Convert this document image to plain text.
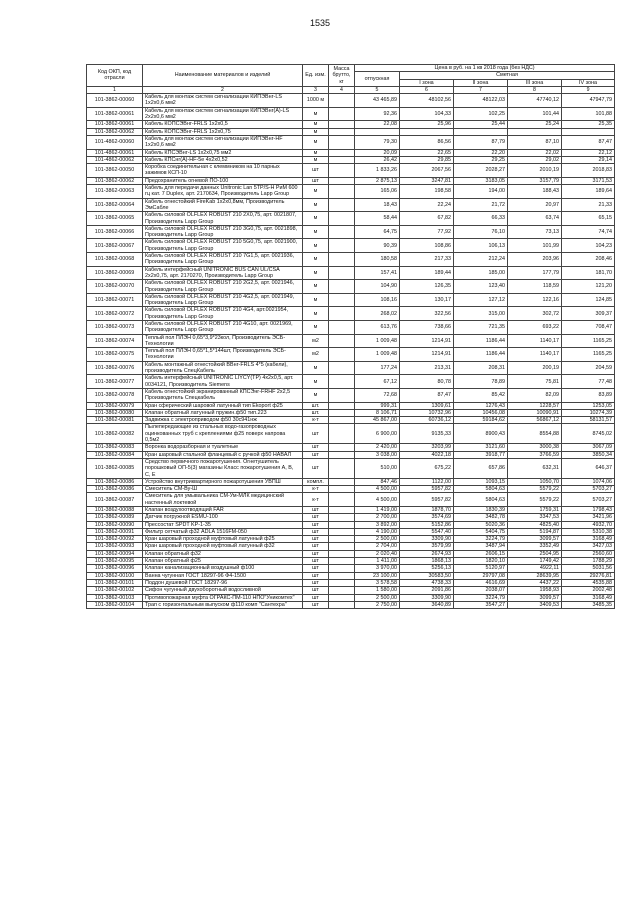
1535
Код ОКП, код отрасли	Наименование материалов и изделий	Ед. изм.	Масса брутто, кг	Цена в руб. на 1 кв 2018 года (без НДС)				
				отпускная	Сметная			
					I зона	II зона	III зона	IV зона
1	2	3	4	5	6	7	8	9
101-3862-00060	Кабель для монтаж систем сигнализации КИПЭВнг-LS 1х2х0,6 мм2	1000 м		43 465,89	48102,56	48122,03	47740,12	47947,79
101-3862-00061	Кабель для монтаж систем сигнализации КИПЭВнг(А)-LS 2х2х0,6 мм2	м		92,36	104,33	102,25	101,44	101,88
101-3862-00061	Кабель КОПСЭВнг-FRLS 1х2х0,5	м		22,08	25,96	25,44	25,24	25,35
101-3862-00062	Кабель КОПСЭВнг-FRLS 1х2х0,75	м						
101-4862-00060	Кабель для монтаж систем сигнализации КИПЭВнг-НF 1х2х0,6 мм2	м		79,30	86,56	87,79	87,10	87,47
101-4862-00061	Кабель КПСЭВнг-LS 1х2х0,75 мм2	м		20,09	22,65	22,20	22,02	22,12
101-4862-00062	Кабель КПСнг(А)-НF-5е 4х2х0,52	м		26,42	29,85	29,25	29,02	29,14
101-3862-00050	Коробка соединительная с клеммником на 10 парных зажимов КСП-10	шт		1 833,26	2067,56	2028,27	2010,19	2018,83
101-3862-00062	Предохранитель огневой ПО-100	шт		2 875,13	3247,81	3183,05	3157,79	3171,53
101-3862-00063	Кабель для передачи данных Unitronic Lan 5TP/S-H РиМ 600 гц кат. 7 Duplex, арт. 2170634, Производитель Lapp Group	м		165,06	198,58	194,00	188,43	189,64
101-3862-00064	Кабель огнестойкий FireKab 1х2х0,8мм, Производитель ЭмСаблe	м		18,43	22,24	21,72	20,97	21,33
101-3862-00065	Кабель силовой OLFLEX ROBUST 210 2Х0,75, арт. 0021807, Производитель Lapp Group	м		58,44	67,82	66,33	63,74	65,15
101-3862-00066	Кабель силовой OLFLEX ROBUST 210 3G0,75, арт. 0021898, Производитель Lapp Group	м		64,75	77,92	76,10	73,13	74,74
101-3862-00067	Кабель силовой OLFLEX ROBUST 210 5G0,75, арт. 0021900, Производитель Lapp Group	м		90,39	108,86	106,13	101,99	104,23
101-3862-00068	Кабель силовой OLFLEX ROBUST 210 7G1,5, арт. 0021936, Производитель Lapp Group	м		180,58	217,33	212,24	203,96	208,46
101-3862-00069	Кабель интерфейсный UNITRONIC BUS CAN UL/CSA 2х2х0,75, арт. 2170270, Производитель Lapp Group	м		157,41	189,44	185,00	177,79	181,70
101-3862-00070	Кабель силовой OLFLEX ROBUST 210 2G2,5, арт. 0021946, Производитель Lapp Group	м		104,90	126,35	123,40	118,59	121,20
101-3862-00071	Кабель силовой OLFLEX ROBUST 210 4G2,5, арт. 0021949, Производитель Lapp Group	м		108,16	130,17	127,12	122,16	124,85
101-3862-00072	Кабель силовой OLFLEX ROBUST 210 4G4, арт.0021954, Производитель Lapp Group	м		268,02	322,56	315,00	302,72	309,37
101-3862-00073	Кабель силовой OLFLEX ROBUST 210 4G10, арт. 0021969, Производитель Lapp Group	м		613,76	738,66	721,35	693,22	708,47
101-3862-00074	Теплый пол ПЛЭН 0,65*3,9*23кол, Производитель ЭСБ-Технологии	м2		1 009,48	1214,91	1186,44	1140,17	1165,25
101-3862-00075	Теплый пол ПЛЭН 0,65*1,5*144шт, Производитель ЭСБ-Технологии	м2		1 009,48	1214,91	1186,44	1140,17	1165,25
101-3862-00076	Кабель монтажный огнестойкий ВВнг-FRLS 4*5 (кабели), производитель СпецКабель	м		177,24	213,31	208,31	200,19	204,59
101-3862-00077	Кабель интерфейсный UNITRONIC LIYCY(TP) 4х2х0,5, арт. 0034121, Производитель Siemens	м		67,12	80,78	78,89	75,81	77,48
101-3862-00078	Кабель огнестойкий экранированный КПСЭнг-FRHF 2х2,5 Производитель Спецкабель	м		72,68	87,47	85,42	82,09	83,89
101-3862-00079	Кран сферический шаровой латунный тип Ekoport ф25	шт.		999,31	1309,61	1276,43	1228,57	1253,05
101-3862-00080	Клапан обратный латунный пружин.ф50 тип.223	шт.		8 106,71	10732,96	10456,08	10090,91	10274,39
101-3862-00081	Задвижка с электроприводом ф50 30с941нж	к-т		45 867,00	60736,12	59184,62	56867,12	58131,57
101-3862-00082	Пылепередающие из стальных водо-газопроводных оцинкованных труб с креплениями ф25 поверх напрова 0,5м2	шт		6 900,00	9135,33	8900,43	8554,88	8745,02
101-3862-00083	Воронка водоразборная и туалетные	шт		2 420,00	3203,99	3121,60	3000,38	3067,09
101-3862-00084	Кран шаровый стальной фланцевый с ручкой ф50 НАВАЛ	шт		3 038,00	4022,18	3918,77	3766,59	3850,34
101-3862-00085	Средство первичного пожаротушения. Огнетушитель порошковый ОП-5(3) магазины Класс пожаротушения А, В, С, Е	шт		510,00	675,22	657,86	632,31	646,37
101-3862-00086	Устройство внутриквартирного пожаротушения УВПШ	компл.		847,46	1122,00	1093,15	1050,70	1074,06
101-3862-00086	Смеситель СМ-Ву-Ш	к-т		4 500,00	5957,82	5804,63	5579,22	5703,27
101-3862-00087	Смеситель для умывальника СМ-Ум-МЛК медицинский настенный локтевой	к-т		4 500,00	5957,82	5804,63	5579,22	5703,27
101-3862-00088	Клапан воздухоотводящий FAR	шт		1 419,00	1878,70	1830,39	1759,31	1798,43
101-3862-00089	Датчик погружной ESMU-100	шт		2 700,00	3574,69	3482,78	3347,53	3421,96
101-3862-00090	Прессостат SPDT KP-1-35	шт		3 892,00	5152,86	5020,36	4825,40	4932,70
101-3862-00091	Фильтр сетчатый ф32 ADLA 1516FM-050	шт		4 190,00	5547,40	5404,75	5194,87	5310,38
101-3862-00092	Кран шаровый проходной муфтовый латунный ф25	шт		2 500,00	3309,90	3224,79	3099,57	3168,49
101-3862-00093	Кран шаровый проходной муфтовый латунный ф32	шт		2 704,00	3579,99	3487,94	3352,49	3427,03
101-3862-00094	Клапан обратный ф32	шт		2 020,40	2674,93	2606,15	2504,95	2560,60
101-3862-00095	Клапан обратный ф25	шт		1 411,00	1868,13	1820,10	1749,42	1788,29
101-3862-00096	Клапан канализационный воздушный ф100	шт		3 970,00	5256,13	5120,97	4922,11	5031,56
101-3862-00100	Ванна чугунная ГОСТ 18297-96 Ф4-1500	шт		23 100,00	30583,50	29797,08	28639,95	29276,81
101-3862-00101	Поддон душевой ГОСТ 18297-96	шт		3 578,58	4738,33	4616,69	4437,22	4535,88
101-3862-00102	Сифон чугунный двухоборотный водосливной	шт		1 580,00	2091,86	2038,07	1958,93	2002,48
101-3862-00103	Противопожарная муфта ОГРАКС-ПМ-110 НПО"Уникомтех"	шт		2 500,00	3309,90	3224,79	3099,57	3168,49
101-3862-00104	Трап с горизонтальным выпуском ф110 комп "Сантехра"	шт		2 750,00	3640,89	3547,27	3409,53	3485,35
